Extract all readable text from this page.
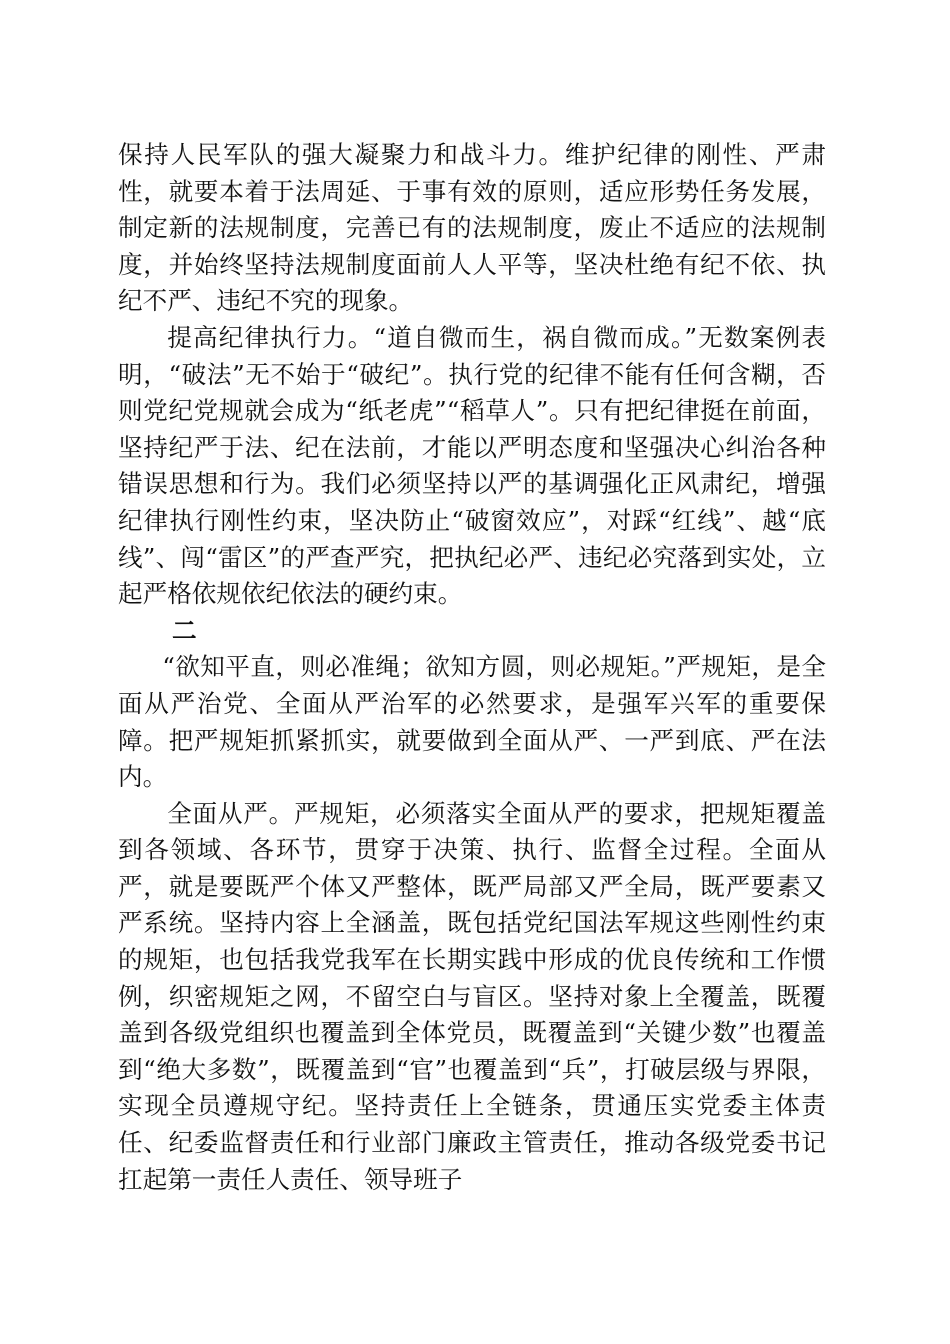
保持人民军队的强大凝聚力和战斗力。维护纪律的刚性、严肃性，就要本着于法周延、于事有效的原则，适应形势任务发展，制定新的法规制度，完善已有的法规制度，废止不适应的法规制度，并始终坚持法规制度面前人人平等，坚决杜绝有纪不依、执纪不严、违纪不究的现象。

提高纪律执行力。“道自微而生，祸自微而成。”无数案例表明，“破法”无不始于“破纪”。执行党的纪律不能有任何含糊，否则党纪党规就会成为“纸老虎”“稻草人”。只有把纪律挺在前面，坚持纪严于法、纪在法前，才能以严明态度和坚强决心纠治各种错误思想和行为。我们必须坚持以严的基调强化正风肃纪，增强纪律执行刚性约束，坚决防止“破窗效应”，对踩“红线”、越“底线”、闯“雷区”的严查严究，把执纪必严、违纪必究落到实处，立起严格依规依纪依法的硬约束。

二

“欲知平直，则必准绳；欲知方圆，则必规矩。”严规矩，是全面从严治党、全面从严治军的必然要求，是强军兴军的重要保障。把严规矩抓紧抓实，就要做到全面从严、一严到底、严在法内。

全面从严。严规矩，必须落实全面从严的要求，把规矩覆盖到各领域、各环节，贯穿于决策、执行、监督全过程。全面从严，就是要既严个体又严整体，既严局部又严全局，既严要素又严系统。坚持内容上全涵盖，既包括党纪国法军规这些刚性约束的规矩，也包括我党我军在长期实践中形成的优良传统和工作惯例，织密规矩之网，不留空白与盲区。坚持对象上全覆盖，既覆盖到各级党组织也覆盖到全体党员，既覆盖到“关键少数”也覆盖到“绝大多数”，既覆盖到“官”也覆盖到“兵”，打破层级与界限，实现全员遵规守纪。坚持责任上全链条，贯通压实党委主体责任、纪委监督责任和行业部门廉政主管责任，推动各级党委书记扛起第一责任人责任、领导班子
